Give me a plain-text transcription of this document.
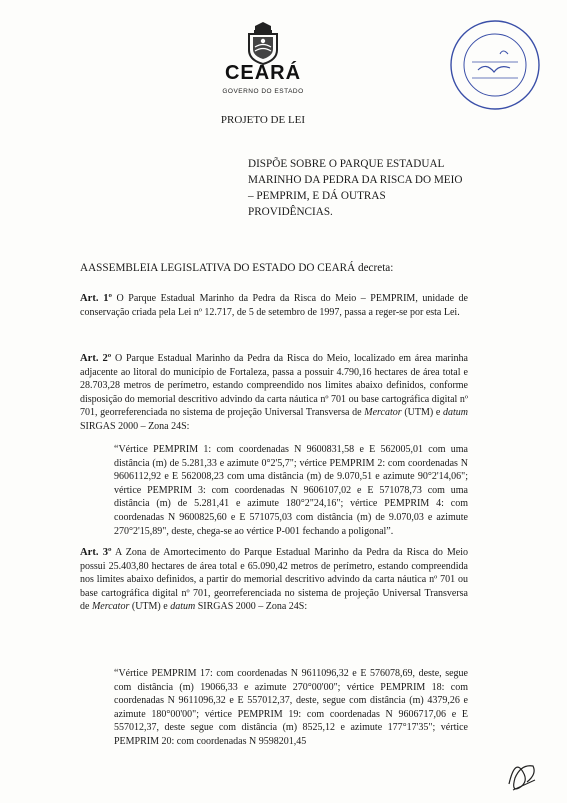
CEARÁ
GOVERNO DO ESTADO
PROJETO DE LEI
DISPÕE SOBRE O PARQUE ESTADUAL MARINHO DA PEDRA DA RISCA DO MEIO – PEMPRIM, E DÁ OUTRAS PROVIDÊNCIAS.
AASSEMBLEIA LEGISLATIVA DO ESTADO DO CEARÁ decreta:
Art. 1º O Parque Estadual Marinho da Pedra da Risca do Meio – PEMPRIM, unidade de conservação criada pela Lei nº 12.717, de 5 de setembro de 1997, passa a reger-se por esta Lei.
Art. 2º O Parque Estadual Marinho da Pedra da Risca do Meio, localizado em área marinha adjacente ao litoral do município de Fortaleza, passa a possuir 4.790,16 hectares de área total e 28.703,28 metros de perímetro, estando compreendido nos limites abaixo definidos, conforme disposição do memorial descritivo advindo da carta náutica nº 701 ou base cartográfica digital nº 701, georreferenciada no sistema de projeção Universal Transversa de Mercator (UTM) e datum SIRGAS 2000 – Zona 24S:
“Vértice PEMPRIM 1: com coordenadas N 9600831,58 e E 562005,01 com uma distância (m) de 5.281,33 e azimute 0°2'5,7"; vértice PEMPRIM 2: com coordenadas N 9606112,92 e E 562008,23 com uma distância (m) de 9.070,51 e azimute 90°2'14,06"; vértice PEMPRIM 3: com coordenadas N 9606107,02 e E 571078,73 com uma distância (m) de 5.281,41 e azimute 180°2"24,16"; vértice PEMPRIM 4: com coordenadas N 9600825,60 e E 571075,03 com distância (m) de 9.070,03 e azimute 270°2'15,89", deste, chega-se ao vértice P-001 fechando a poligonal”.
Art. 3º A Zona de Amortecimento do Parque Estadual Marinho da Pedra da Risca do Meio possui 25.403,80 hectares de área total e 65.090,42 metros de perímetro, estando compreendida nos limites abaixo definidos, a partir do memorial descritivo advindo da carta náutica nº 701 ou base cartográfica digital nº 701, georreferenciada no sistema de projeção Universal Transversa de Mercator (UTM) e datum SIRGAS 2000 – Zona 24S:
“Vértice PEMPRIM 17: com coordenadas N 9611096,32 e E 576078,69, deste, segue com distância (m) 19066,33 e azimute 270°00'00"; vértice PEMPRIM 18: com coordenadas N 9611096,32 e E 557012,37, deste, segue com distância (m) 4379,26 e azimute 180°00'00"; vértice PEMPRIM 19: com coordenadas N 9606717,06 e E 557012,37, deste segue com distância (m) 8525,12 e azimute 177°17'35"; vértice PEMPRIM 20: com coordenadas N 9598201,45
